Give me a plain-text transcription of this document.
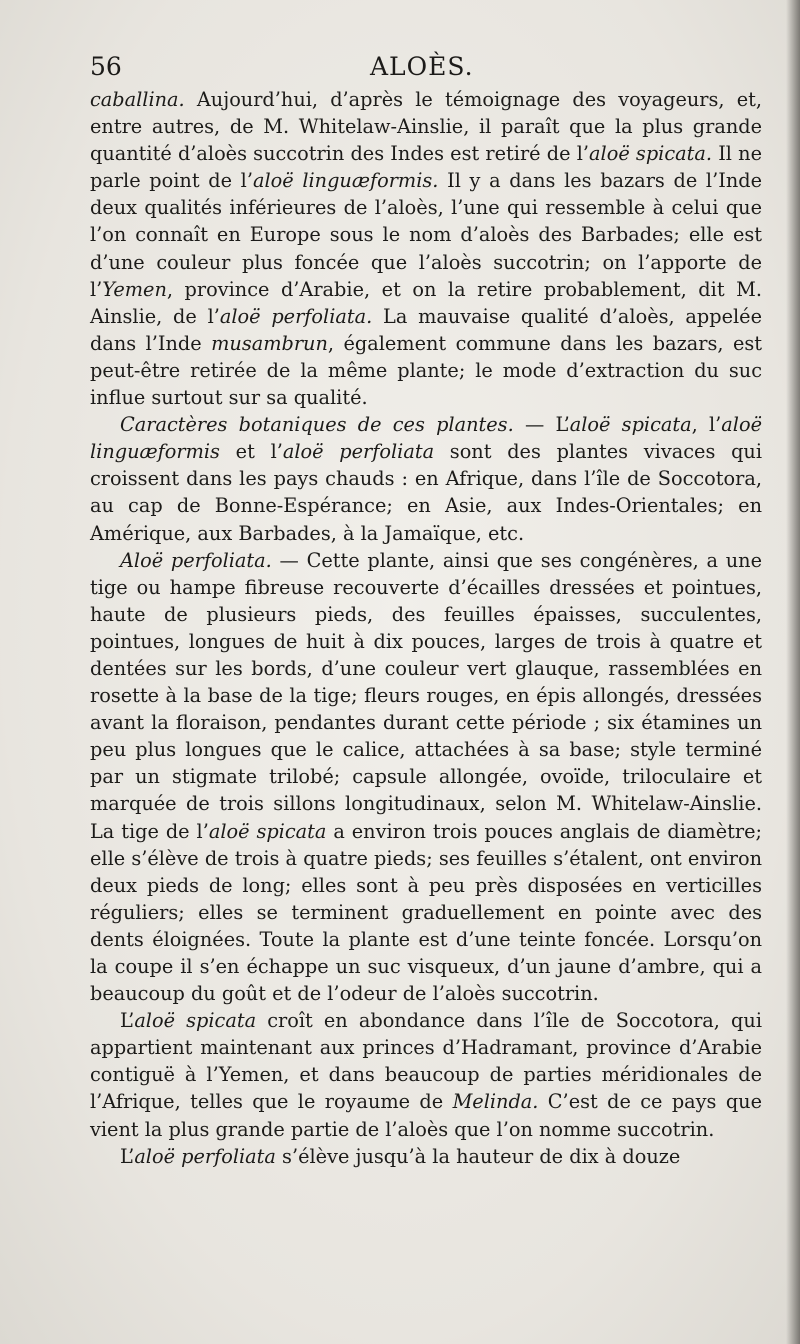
56	ALOÈS.

caballina. Aujourd’hui, d’après le témoignage des voyageurs, et, entre autres, de M. Whitelaw-Ainslie, il paraît que la plus grande quantité d’aloès succotrin des Indes est retiré de l’aloë spicata. Il ne parle point de l’aloë linguæformis. Il y a dans les bazars de l’Inde deux qualités inférieures de l’aloès, l’une qui ressemble à celui que l’on connaît en Europe sous le nom d’aloès des Barbades; elle est d’une couleur plus foncée que l’aloès succotrin; on l’apporte de l’Yemen, province d’Arabie, et on la retire probablement, dit M. Ainslie, de l’aloë perfoliata. La mauvaise qualité d’aloès, appelée dans l’Inde musambrun, également commune dans les bazars, est peut-être retirée de la même plante; le mode d’extraction du suc influe surtout sur sa qualité.

Caractères botaniques de ces plantes. — L’aloë spicata, l’aloë linguæformis et l’aloë perfoliata sont des plantes vivaces qui croissent dans les pays chauds : en Afrique, dans l’île de Soccotora, au cap de Bonne-Espérance; en Asie, aux Indes-Orientales; en Amérique, aux Barbades, à la Jamaïque, etc.

Aloë perfoliata. — Cette plante, ainsi que ses congénères, a une tige ou hampe fibreuse recouverte d’écailles dressées et pointues, haute de plusieurs pieds, des feuilles épaisses, succulentes, pointues, longues de huit à dix pouces, larges de trois à quatre et dentées sur les bords, d’une couleur vert glauque, rassemblées en rosette à la base de la tige; fleurs rouges, en épis allongés, dressées avant la floraison, pendantes durant cette période ; six étamines un peu plus longues que le calice, attachées à sa base; style terminé par un stigmate trilobé; capsule allongée, ovoïde, triloculaire et marquée de trois sillons longitudinaux, selon M. Whitelaw-Ainslie. La tige de l’aloë spicata a environ trois pouces anglais de diamètre; elle s’élève de trois à quatre pieds; ses feuilles s’étalent, ont environ deux pieds de long; elles sont à peu près disposées en verticilles réguliers; elles se terminent graduellement en pointe avec des dents éloignées. Toute la plante est d’une teinte foncée. Lorsqu’on la coupe il s’en échappe un suc visqueux, d’un jaune d’ambre, qui a beaucoup du goût et de l’odeur de l’aloès succotrin.

L’aloë spicata croît en abondance dans l’île de Soccotora, qui appartient maintenant aux princes d’Hadramant, province d’Arabie contiguë à l’Yemen, et dans beaucoup de parties méridionales de l’Afrique, telles que le royaume de Melinda. C’est de ce pays que vient la plus grande partie de l’aloès que l’on nomme succotrin.

L’aloë perfoliata s’élève jusqu’à la hauteur de dix à douze
